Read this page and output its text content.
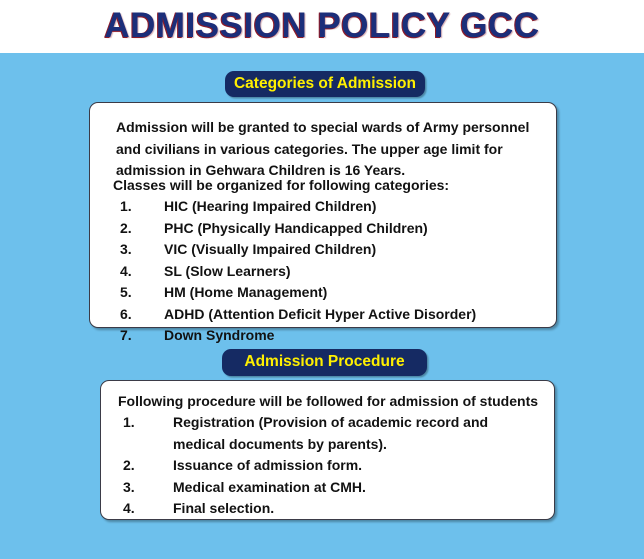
ADMISSION POLICY GCC
Categories of Admission
Admission will be granted to special wards of Army personnel and civilians in various categories. The upper age limit for admission in Gehwara Children is 16 Years.
Classes will be organized for following categories:
1.	HIC (Hearing Impaired Children)
2.	PHC (Physically Handicapped Children)
3.	VIC (Visually Impaired Children)
4.	SL (Slow Learners)
5.	HM (Home Management)
6.	ADHD (Attention Deficit Hyper Active Disorder)
7.	Down Syndrome
Admission Procedure
Following procedure will be followed for admission of students
1.	Registration (Provision of academic record and medical documents by parents).
2.	Issuance of admission form.
3.	Medical examination at CMH.
4.	Final selection.
